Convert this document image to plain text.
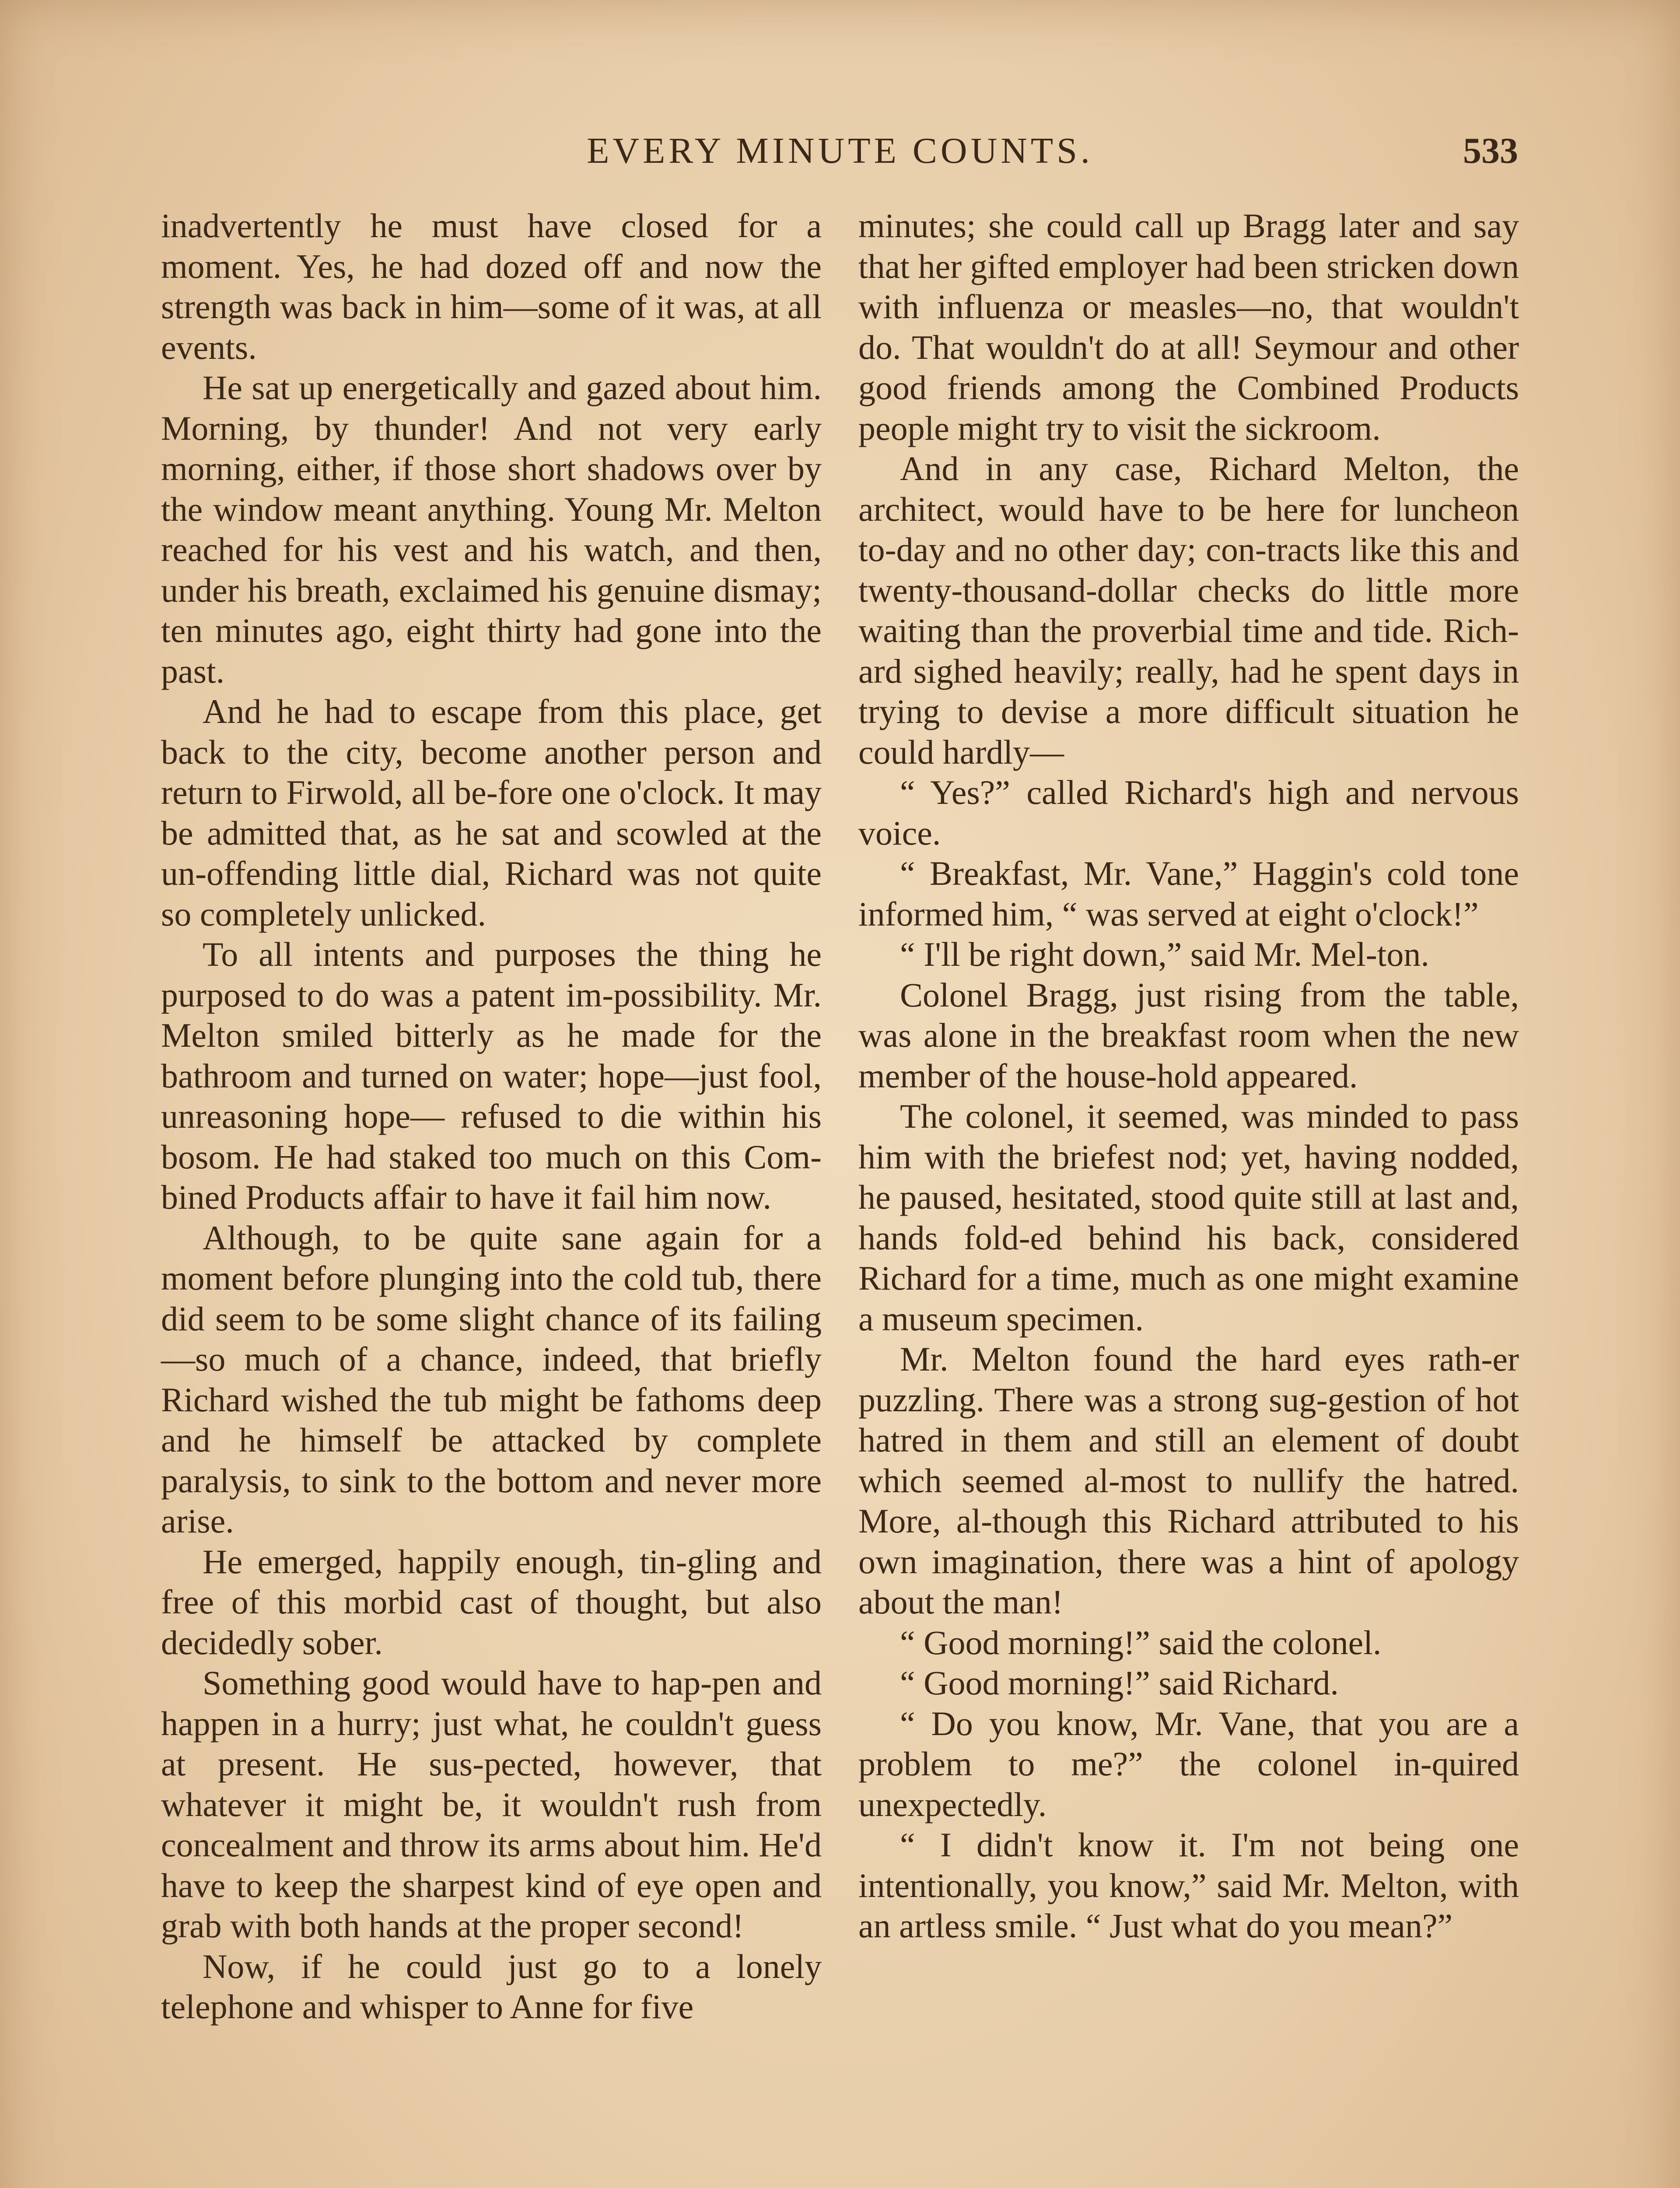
EVERY MINUTE COUNTS.	533

inadvertently he must have closed for a moment. Yes, he had dozed off and now the strength was back in him—some of it was, at all events.

He sat up energetically and gazed about him. Morning, by thunder! And not very early morning, either, if those short shadows over by the window meant anything. Young Mr. Melton reached for his vest and his watch, and then, under his breath, exclaimed his genuine dismay; ten minutes ago, eight thirty had gone into the past.

And he had to escape from this place, get back to the city, become another person and return to Firwold, all be-fore one o'clock. It may be admitted that, as he sat and scowled at the un-offending little dial, Richard was not quite so completely unlicked.

To all intents and purposes the thing he purposed to do was a patent im-possibility. Mr. Melton smiled bitterly as he made for the bathroom and turned on water; hope—just fool, unreasoning hope— refused to die within his bosom. He had staked too much on this Com-bined Products affair to have it fail him now.

Although, to be quite sane again for a moment before plunging into the cold tub, there did seem to be some slight chance of its failing—so much of a chance, indeed, that briefly Richard wished the tub might be fathoms deep and he himself be attacked by complete paralysis, to sink to the bottom and never more arise.

He emerged, happily enough, tin-gling and free of this morbid cast of thought, but also decidedly sober.

Something good would have to hap-pen and happen in a hurry; just what, he couldn't guess at present. He sus-pected, however, that whatever it might be, it wouldn't rush from concealment and throw its arms about him. He'd have to keep the sharpest kind of eye open and grab with both hands at the proper second!

Now, if he could just go to a lonely telephone and whisper to Anne for five

minutes; she could call up Bragg later and say that her gifted employer had been stricken down with influenza or measles—no, that wouldn't do. That wouldn't do at all! Seymour and other good friends among the Combined Products people might try to visit the sickroom.

And in any case, Richard Melton, the architect, would have to be here for luncheon to-day and no other day; con-tracts like this and twenty-thousand-dollar checks do little more waiting than the proverbial time and tide. Rich-ard sighed heavily; really, had he spent days in trying to devise a more difficult situation he could hardly—

“ Yes?” called Richard's high and nervous voice.

“ Breakfast, Mr. Vane,” Haggin's cold tone informed him, “ was served at eight o'clock!”

“ I'll be right down,” said Mr. Mel-ton.

Colonel Bragg, just rising from the table, was alone in the breakfast room when the new member of the house-hold appeared.

The colonel, it seemed, was minded to pass him with the briefest nod; yet, having nodded, he paused, hesitated, stood quite still at last and, hands fold-ed behind his back, considered Richard for a time, much as one might examine a museum specimen.

Mr. Melton found the hard eyes rath-er puzzling. There was a strong sug-gestion of hot hatred in them and still an element of doubt which seemed al-most to nullify the hatred. More, al-though this Richard attributed to his own imagination, there was a hint of apology about the man!

“ Good morning!” said the colonel.

“ Good morning!” said Richard.

“ Do you know, Mr. Vane, that you are a problem to me?” the colonel in-quired unexpectedly.

“ I didn't know it. I'm not being one intentionally, you know,” said Mr. Melton, with an artless smile. “ Just what do you mean?”
